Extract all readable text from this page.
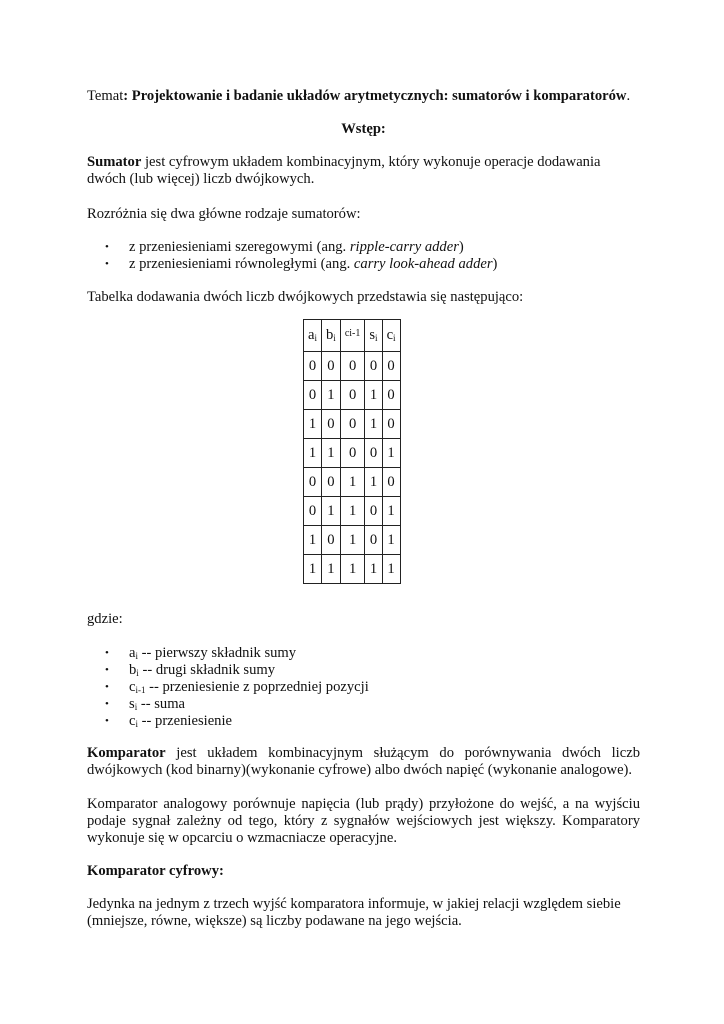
Temat: Projektowanie i badanie układów arytmetycznych: sumatorów i komparatorów.

Wstęp:

Sumator jest cyfrowym układem kombinacyjnym, który wykonuje operacje dodawania dwóch (lub więcej) liczb dwójkowych.

Rozróżnia się dwa główne rodzaje sumatorów:

• z przeniesieniami szeregowymi (ang. ripple-carry adder)
• z przeniesieniami równoległymi (ang. carry look-ahead adder)

Tabelka dodawania dwóch liczb dwójkowych przedstawia się następująco:

$a_i$	$b_i$	$^{ci-1}$	$s_i$	$c_i$
0	0	0	0	0
0	1	0	1	0
1	0	0	1	0
1	1	0	0	1
0	0	1	1	0
0	1	1	0	1
1	0	1	0	1
1	1	1	1	1

gdzie:

• $a_i$ -- pierwszy składnik sumy
• $b_i$ -- drugi składnik sumy
• $c_{i-1}$ -- przeniesienie z poprzedniej pozycji
• $s_i$ -- suma
• $c_i$ -- przeniesienie

Komparator jest układem kombinacyjnym służącym do porównywania dwóch liczb dwójkowych (kod binarny)(wykonanie cyfrowe) albo dwóch napięć (wykonanie analogowe).

Komparator analogowy porównuje napięcia (lub prądy) przyłożone do wejść, a na wyjściu podaje sygnał zależny od tego, który z sygnałów wejściowych jest większy. Komparatory wykonuje się w opcarciu o wzmacniacze operacyjne.

Komparator cyfrowy:

Jedynka na jednym z trzech wyjść komparatora informuje, w jakiej relacji względem siebie (mniejsze, równe, większe) są liczby podawane na jego wejścia.
